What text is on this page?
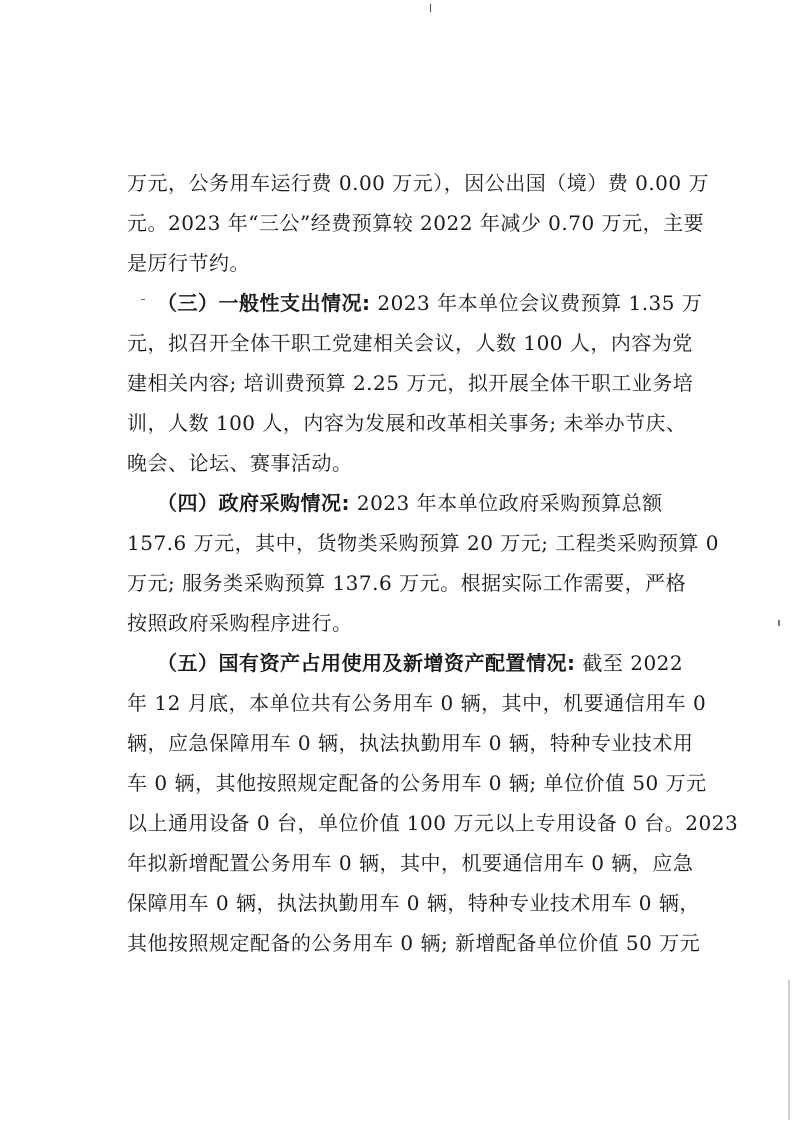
万元，公务用车运行费 0.00 万元），因公出国（境）费 0.00 万
元。2023 年“三公”经费预算较 2022 年减少 0.70 万元，主要
是厉行节约。
（三）一般性支出情况: 2023 年本单位会议费预算 1.35 万
元，拟召开全体干职工党建相关会议，人数 100 人，内容为党
建相关内容; 培训费预算 2.25 万元，拟开展全体干职工业务培
训，人数 100 人，内容为发展和改革相关事务; 未举办节庆、
晚会、论坛、赛事活动。
（四）政府采购情况: 2023 年本单位政府采购预算总额
157.6 万元，其中，货物类采购预算 20 万元; 工程类采购预算 0
万元; 服务类采购预算 137.6 万元。根据实际工作需要，严格
按照政府采购程序进行。
（五）国有资产占用使用及新增资产配置情况: 截至 2022
年 12 月底，本单位共有公务用车 0 辆，其中，机要通信用车 0
辆，应急保障用车 0 辆，执法执勤用车 0 辆，特种专业技术用
车 0 辆，其他按照规定配备的公务用车 0 辆; 单位价值 50 万元
以上通用设备 0 台，单位价值 100 万元以上专用设备 0 台。2023
年拟新增配置公务用车 0 辆，其中，机要通信用车 0 辆，应急
保障用车 0 辆，执法执勤用车 0 辆，特种专业技术用车 0 辆，
其他按照规定配备的公务用车 0 辆; 新增配备单位价值 50 万元
